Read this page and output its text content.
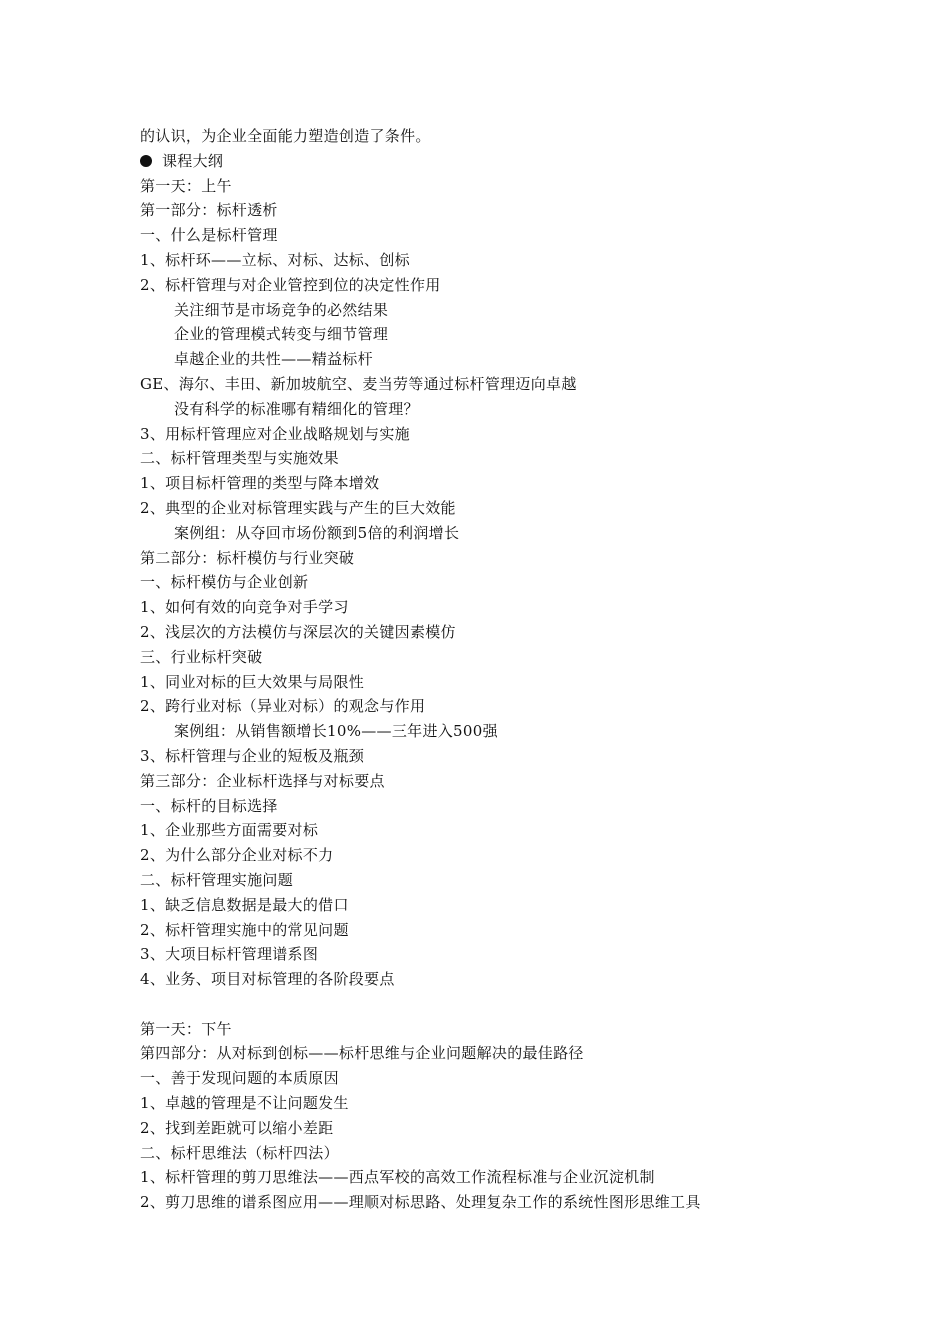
的认识，为企业全面能力塑造创造了条件。
课程大纲
第一天：上午
第一部分：标杆透析
一、什么是标杆管理
1、标杆环——立标、对标、达标、创标
2、标杆管理与对企业管控到位的决定性作用
关注细节是市场竞争的必然结果
企业的管理模式转变与细节管理
卓越企业的共性——精益标杆
GE、海尔、丰田、新加坡航空、麦当劳等通过标杆管理迈向卓越
没有科学的标准哪有精细化的管理？
3、用标杆管理应对企业战略规划与实施
二、标杆管理类型与实施效果
1、项目标杆管理的类型与降本增效
2、典型的企业对标管理实践与产生的巨大效能
案例组：从夺回市场份额到5倍的利润增长
第二部分：标杆模仿与行业突破
一、标杆模仿与企业创新
1、如何有效的向竞争对手学习
2、浅层次的方法模仿与深层次的关键因素模仿
三、行业标杆突破
1、同业对标的巨大效果与局限性
2、跨行业对标（异业对标）的观念与作用
案例组：从销售额增长10%——三年进入500强
3、标杆管理与企业的短板及瓶颈
第三部分：企业标杆选择与对标要点
一、标杆的目标选择
1、企业那些方面需要对标
2、为什么部分企业对标不力
二、标杆管理实施问题
1、缺乏信息数据是最大的借口
2、标杆管理实施中的常见问题
3、大项目标杆管理谱系图
4、业务、项目对标管理的各阶段要点
第一天：下午
第四部分：从对标到创标——标杆思维与企业问题解决的最佳路径
一、善于发现问题的本质原因
1、卓越的管理是不让问题发生
2、找到差距就可以缩小差距
二、标杆思维法（标杆四法）
1、标杆管理的剪刀思维法——西点军校的高效工作流程标准与企业沉淀机制
2、剪刀思维的谱系图应用——理顺对标思路、处理复杂工作的系统性图形思维工具
